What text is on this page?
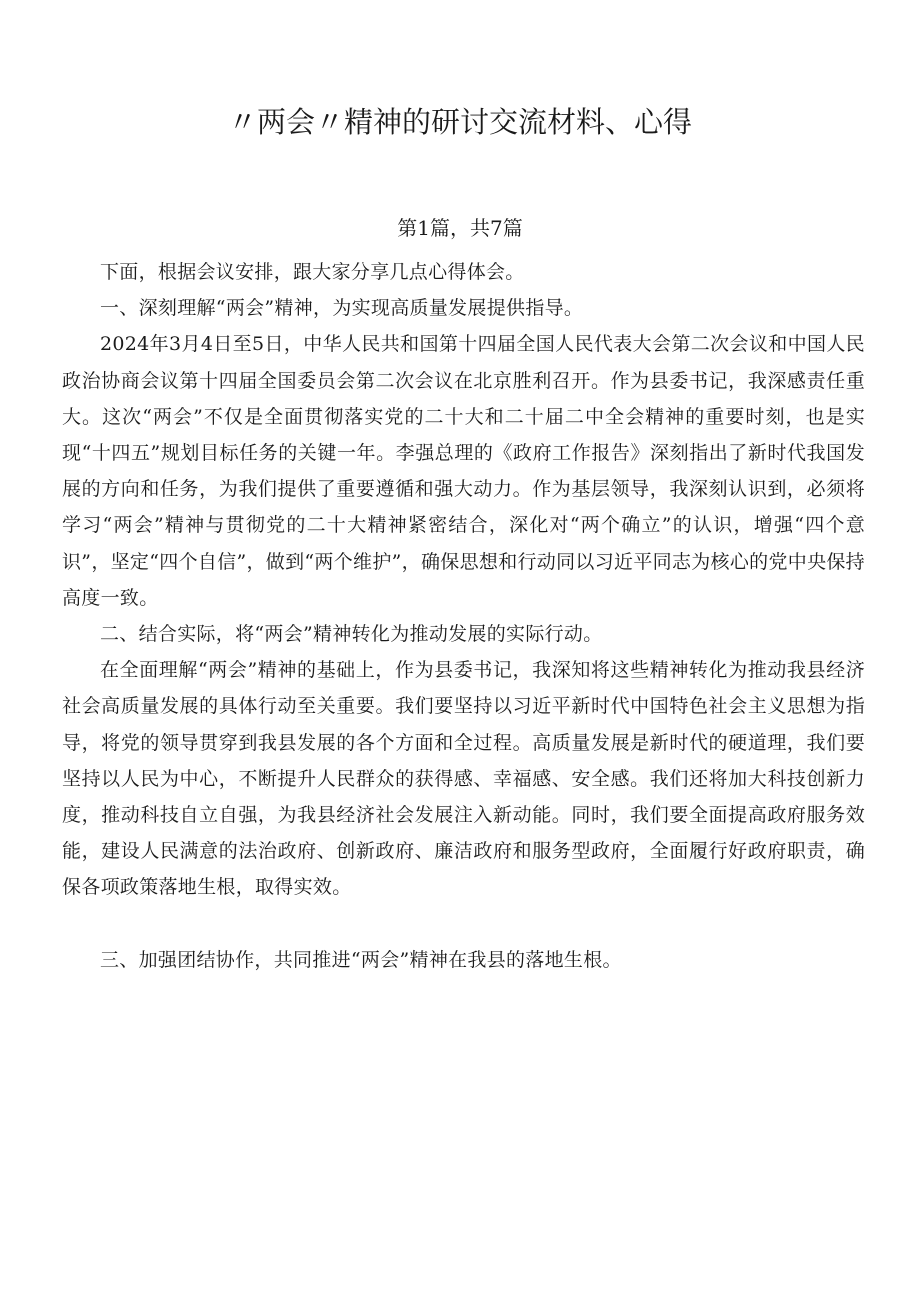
〃两会〃精神的研讨交流材料、心得
第1篇，共7篇

下面，根据会议安排，跟大家分享几点心得体会。

一、深刻理解“两会”精神，为实现高质量发展提供指导。

2024年3月4日至5日，中华人民共和国第十四届全国人民代表大会第二次会议和中国人民政治协商会议第十四届全国委员会第二次会议在北京胜利召开。作为县委书记，我深感责任重大。这次“两会”不仅是全面贯彻落实党的二十大和二十届二中全会精神的重要时刻，也是实现“十四五”规划目标任务的关键一年。李强总理的《政府工作报告》深刻指出了新时代我国发展的方向和任务，为我们提供了重要遵循和强大动力。作为基层领导，我深刻认识到，必须将学习“两会”精神与贯彻党的二十大精神紧密结合，深化对“两个确立”的认识，增强“四个意识”，坚定“四个自信”，做到“两个维护”，确保思想和行动同以习近平同志为核心的党中央保持高度一致。

二、结合实际，将“两会”精神转化为推动发展的实际行动。

在全面理解“两会”精神的基础上，作为县委书记，我深知将这些精神转化为推动我县经济社会高质量发展的具体行动至关重要。我们要坚持以习近平新时代中国特色社会主义思想为指导，将党的领导贯穿到我县发展的各个方面和全过程。高质量发展是新时代的硬道理，我们要坚持以人民为中心，不断提升人民群众的获得感、幸福感、安全感。我们还将加大科技创新力度，推动科技自立自强，为我县经济社会发展注入新动能。同时，我们要全面提高政府服务效能，建设人民满意的法治政府、创新政府、廉洁政府和服务型政府，全面履行好政府职责，确保各项政策落地生根，取得实效。

三、加强团结协作，共同推进“两会”精神在我县的落地生根。
